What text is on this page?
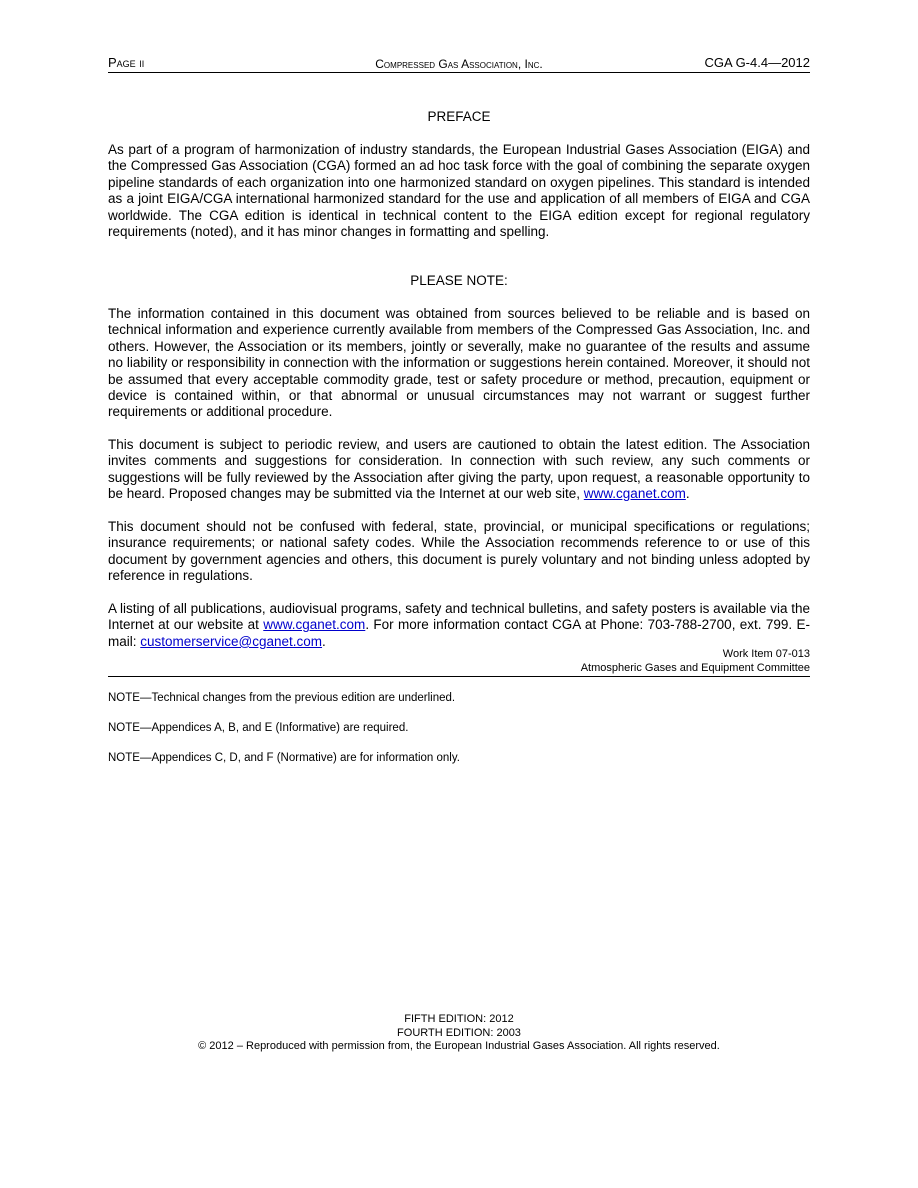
Page ii	Compressed Gas Association, Inc.	CGA G-4.4—2012
PREFACE

As part of a program of harmonization of industry standards, the European Industrial Gases Association (EIGA) and the Compressed Gas Association (CGA) formed an ad hoc task force with the goal of combining the separate oxygen pipeline standards of each organization into one harmonized standard on oxygen pipelines. This standard is intended as a joint EIGA/CGA international harmonized standard for the use and application of all members of EIGA and CGA worldwide. The CGA edition is identical in technical content to the EIGA edition except for regional regulatory requirements (noted), and it has minor changes in formatting and spelling.

PLEASE NOTE:

The information contained in this document was obtained from sources believed to be reliable and is based on technical information and experience currently available from members of the Compressed Gas Association, Inc. and others. However, the Association or its members, jointly or severally, make no guarantee of the results and assume no liability or responsibility in connection with the information or suggestions herein contained. Moreover, it should not be assumed that every acceptable commodity grade, test or safety procedure or method, precaution, equipment or device is contained within, or that abnormal or unusual circumstances may not warrant or suggest further requirements or additional procedure.

This document is subject to periodic review, and users are cautioned to obtain the latest edition. The Association invites comments and suggestions for consideration. In connection with such review, any such comments or suggestions will be fully reviewed by the Association after giving the party, upon request, a reasonable opportunity to be heard. Proposed changes may be submitted via the Internet at our web site, www.cganet.com.

This document should not be confused with federal, state, provincial, or municipal specifications or regulations; insurance requirements; or national safety codes. While the Association recommends reference to or use of this document by government agencies and others, this document is purely voluntary and not binding unless adopted by reference in regulations.

A listing of all publications, audiovisual programs, safety and technical bulletins, and safety posters is available via the Internet at our website at www.cganet.com. For more information contact CGA at Phone: 703-788-2700, ext. 799. E-mail: customerservice@cganet.com.

Work Item 07-013
Atmospheric Gases and Equipment Committee
NOTE—Technical changes from the previous edition are underlined.
NOTE—Appendices A, B, and E (Informative) are required.
NOTE—Appendices C, D, and F (Normative) are for information only.
FIFTH EDITION: 2012
FOURTH EDITION: 2003
© 2012 – Reproduced with permission from, the European Industrial Gases Association. All rights reserved.
